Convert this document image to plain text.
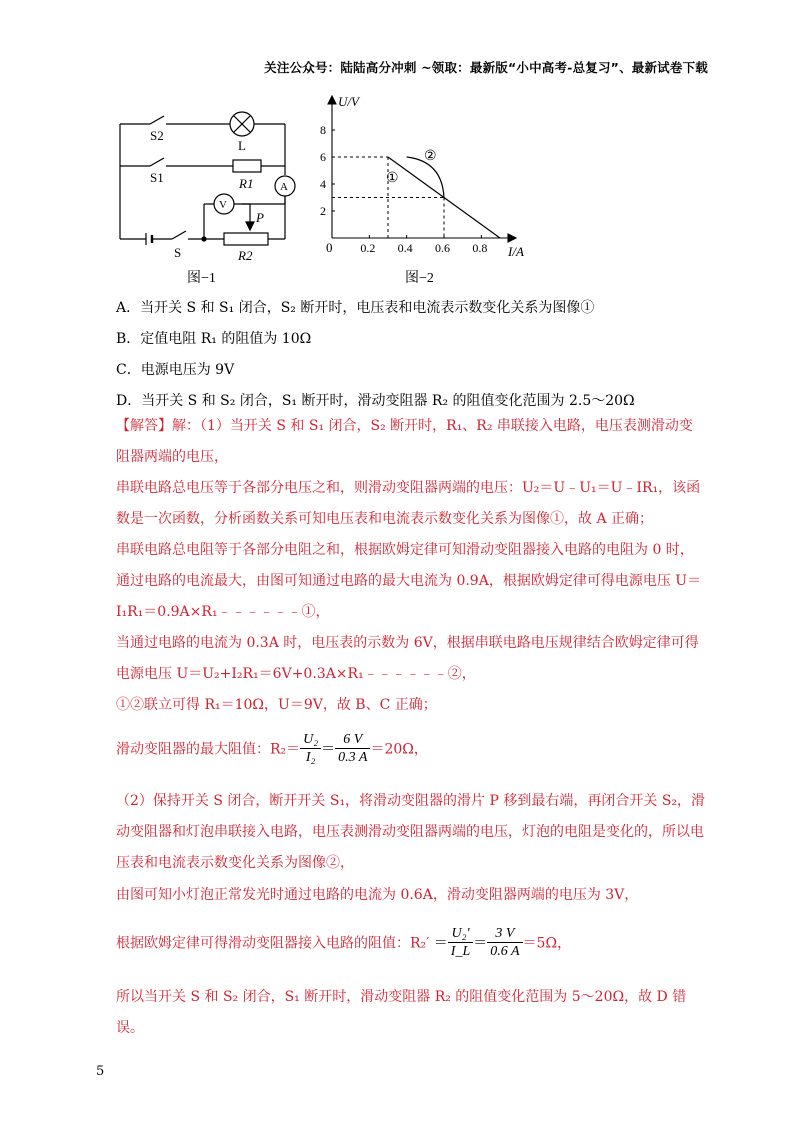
关注公众号：陆陆高分冲刺 ~领取：最新版“小中高考-总复习”、最新试卷下载
S2
L
S1	R1 A
V
P
S	R2
图−1
0.2 0.4 0.6 0.8
2
4
6
8
U/V
I/A
0
①
②
图−2
A．当开关 S 和 S₁ 闭合，S₂ 断开时，电压表和电流表示数变化关系为图像①
B．定值电阻 R₁ 的阻值为 10Ω
C．电源电压为 9V
D．当开关 S 和 S₂ 闭合，S₁ 断开时，滑动变阻器 R₂ 的阻值变化范围为 2.5～20Ω
【解答】解：（1）当开关 S 和 S₁ 闭合，S₂ 断开时，R₁、R₂ 串联接入电路，电压表测滑动变阻器两端的电压，
串联电路总电压等于各部分电压之和，则滑动变阻器两端的电压：U₂＝U﹣U₁＝U﹣IR₁，该函数是一次函数，分析函数关系可知电压表和电流表示数变化关系为图像①，故 A 正确；
串联电路总电阻等于各部分电阻之和，根据欧姆定律可知滑动变阻器接入电路的电阻为 0 时，通过电路的电流最大，由图可知通过电路的最大电流为 0.9A，根据欧姆定律可得电源电压 U＝I₁R₁＝0.9A×R₁﹣﹣﹣﹣﹣﹣①，
当通过电路的电流为 0.3A 时，电压表的示数为 6V，根据串联电路电压规律结合欧姆定律可得电源电压 U＝U₂+I₂R₁＝6V+0.3A×R₁﹣﹣﹣﹣﹣﹣②，
①②联立可得 R₁＝10Ω，U＝9V，故 B、C 正确；
滑动变阻器的最大阻值：$R_2= \frac{\text{U₂}}{\text{I₂}} = \frac{6 V}{0.3 A} =20\Omega$，
（2）保持开关 S 闭合，断开开关 S₁，将滑动变阻器的滑片 P 移到最右端，再闭合开关 S₂，滑动变阻器和灯泡串联接入电路，电压表测滑动变阻器两端的电压，灯泡的电阻是变化的，所以电压表和电流表示数变化关系为图像②，
由图可知小灯泡正常发光时通过电路的电流为 0.6A，滑动变阻器两端的电压为 3V，
根据欧姆定律可得滑动变阻器接入电路的阻值：$R_2' = \frac{\text{U₂′}}{I\_L} = \frac{3 V}{0.6 A} =5\Omega$，
所以当开关 S 和 S₂ 闭合，S₁ 断开时，滑动变阻器 R₂ 的阻值变化范围为 5～20Ω，故 D 错误。
5
